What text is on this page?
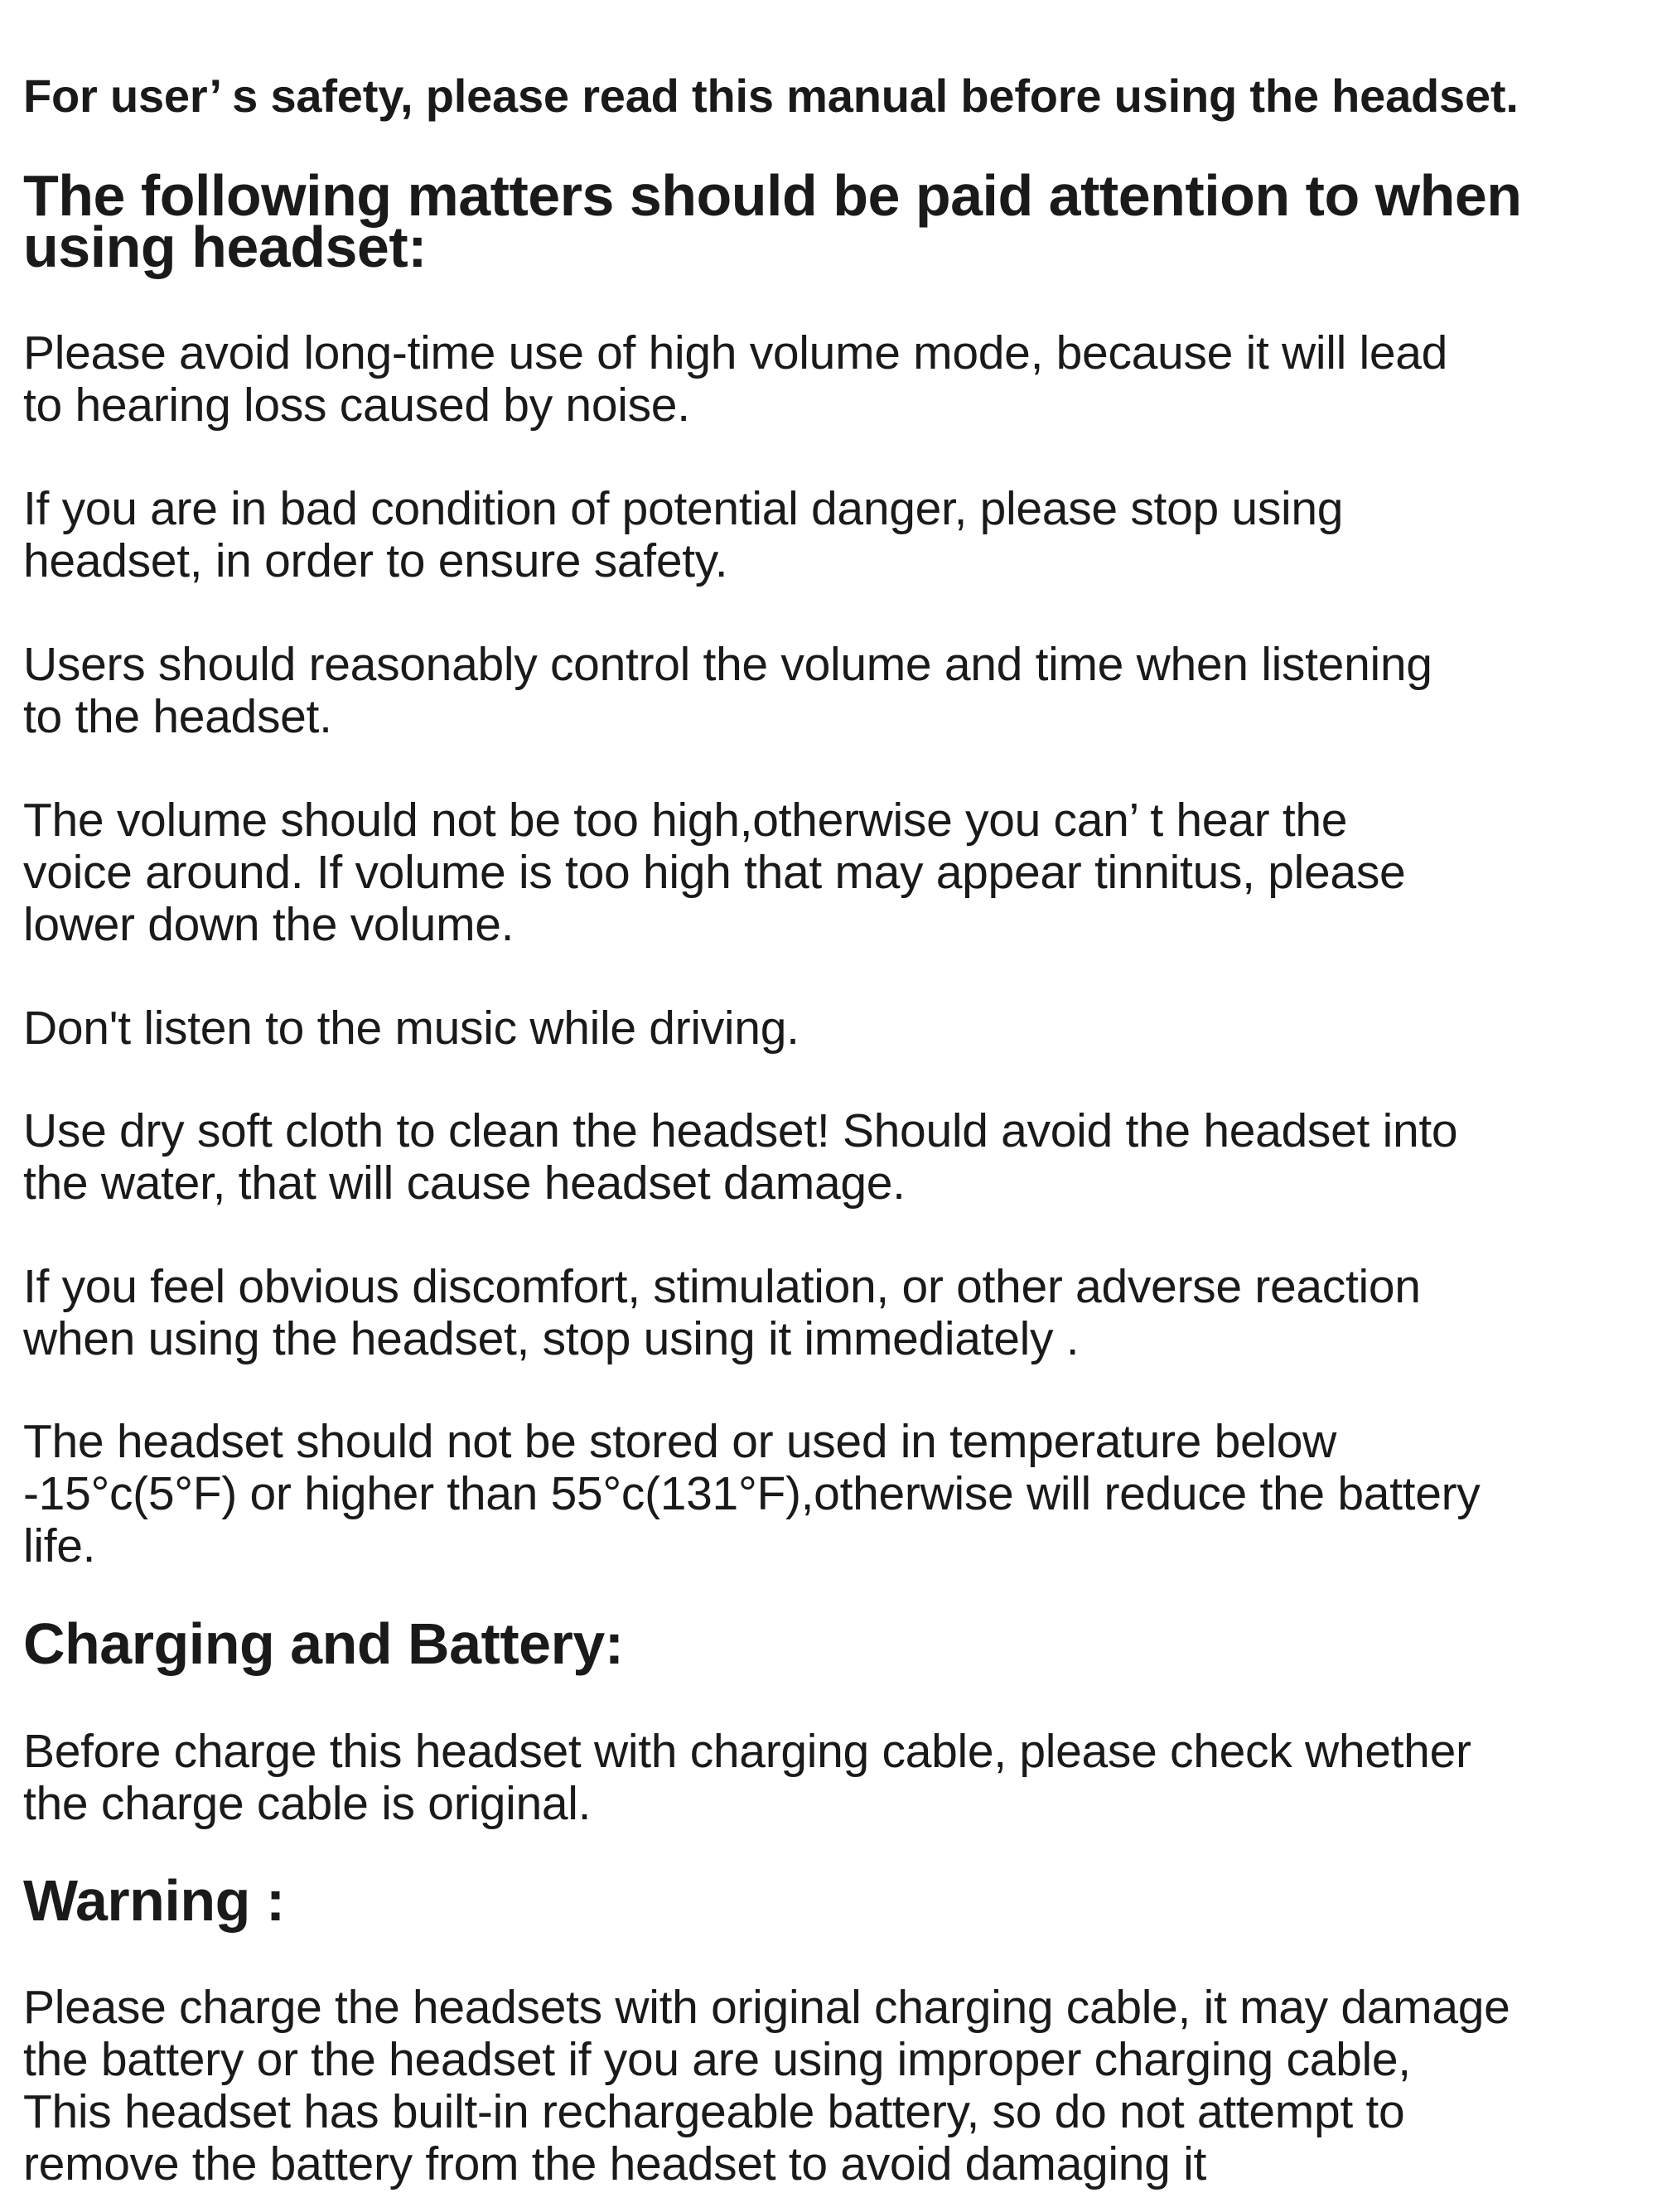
For user’ s safety, please read this manual before using the headset.

The following matters should be paid attention to when
using headset:

Please avoid long-time use of high volume mode, because it will lead
to hearing loss caused by noise.

If you are in bad condition of potential danger, please stop using
headset, in order to ensure safety.

Users should reasonably control the volume and time when listening
to the headset.

The volume should not be too high,otherwise you can’ t hear the
voice around. If volume is too high that may appear tinnitus, please
lower down the volume.

Don't listen to the music while driving.

Use dry soft cloth to clean the headset! Should avoid the headset into
the water, that will cause headset damage.

If you feel obvious discomfort, stimulation, or other adverse reaction
when using the headset, stop using it immediately .

The headset should not be stored or used in temperature below
-15°c(5°F) or higher than 55°c(131°F),otherwise will reduce the battery
life.

Charging and Battery:

Before charge this headset with charging cable, please check whether
the charge cable is original.

Warning :

Please charge the headsets with original charging cable, it may damage
the battery or the headset if you are using improper charging cable,
This headset has built-in rechargeable battery, so do not attempt to
remove the battery from the headset to avoid damaging it
